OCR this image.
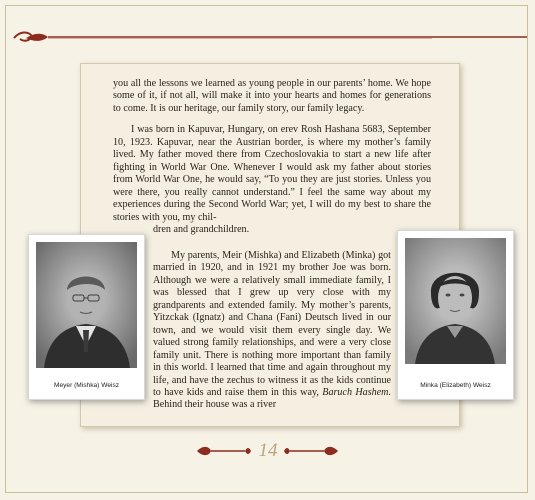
you all the lessons we learned as young people in our parents’ home. We hope some of it, if not all, will make it into your hearts and homes for generations to come. It is our heritage, our family story, our family legacy.

I was born in Kapuvar, Hungary, on erev Rosh Hashana 5683, September 10, 1923. Kapuvar, near the Austrian border, is where my mother’s family lived. My father moved there from Czechoslovakia to start a new life after fighting in World War One. Whenever I would ask my father about stories from World War One, he would say, “To you they are just stories. Unless you were there, you really cannot understand.” I feel the same way about my experiences during the Second World War; yet, I will do my best to share the stories with you, my chil-

dren and grandchildren.

My parents, Meir (Mishka) and Elizabeth (Minka) got married in 1920, and in 1921 my brother Joe was born. Although we were a relatively small immediate family, I was blessed that I grew up very close with my grandparents and extended family. My mother’s parents, Yitzckak (Ignatz) and Chana (Fani) Deutsch lived in our town, and we would visit them every single day. We valued strong family relationships, and were a very close family unit. There is nothing more important than family in this world. I learned that time and again throughout my life, and have the zechus to witness it as the kids continue to have kids and raise them in this way, Baruch Hashem. Behind their house was a river

Meyer (Mishka) Weisz	Minka (Elizabeth) Weisz
14
